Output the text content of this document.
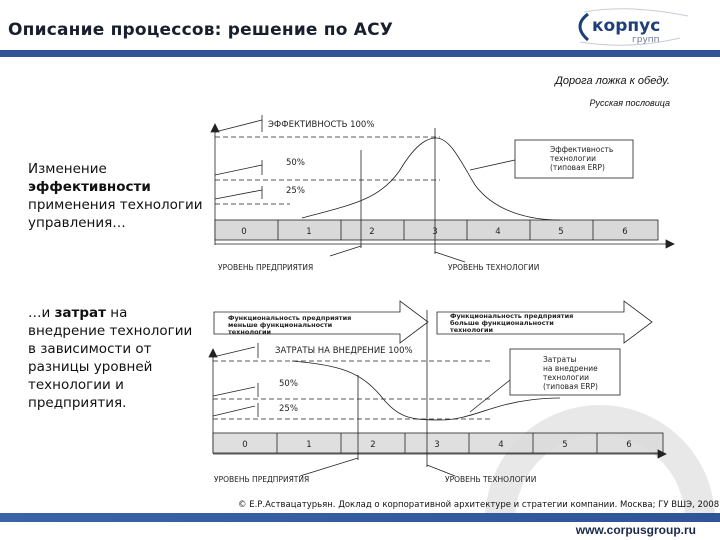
Описание процессов: решение по АСУ	корпус
групп
Дорога ложка к обеду.
Русская пословица
Изменение
эффективности
применения технологии управления…
…и затрат на внедрение технологии в зависимости от разницы уровней технологии и предприятия.
ЭФФЕКТИВНОСТЬ 100%
50%
25%
0	1	2	3	4	5	6
Эффективность
технологии
(типовая ERP)
УРОВЕНЬ ПРЕДПРИЯТИЯ	УРОВЕНЬ ТЕХНОЛОГИИ
Функциональность предприятия
меньше функциональности
технологии
Функциональность предприятия
больше функциональности
технологии
ЗАТРАТЫ НА ВНЕДРЕНИЕ 100%
50%
25%
0	1	2	3	4	5	6
Затраты
на внедрение
технологии
(типовая ERP)
УРОВЕНЬ ПРЕДПРИЯТИЯ	УРОВЕНЬ ТЕХНОЛОГИИ
© Е.Р.Аствацатурьян. Доклад о корпоративной архитектуре и стратегии компании. Москва; ГУ ВШЭ, 2008
www.corpusgroup.ru
